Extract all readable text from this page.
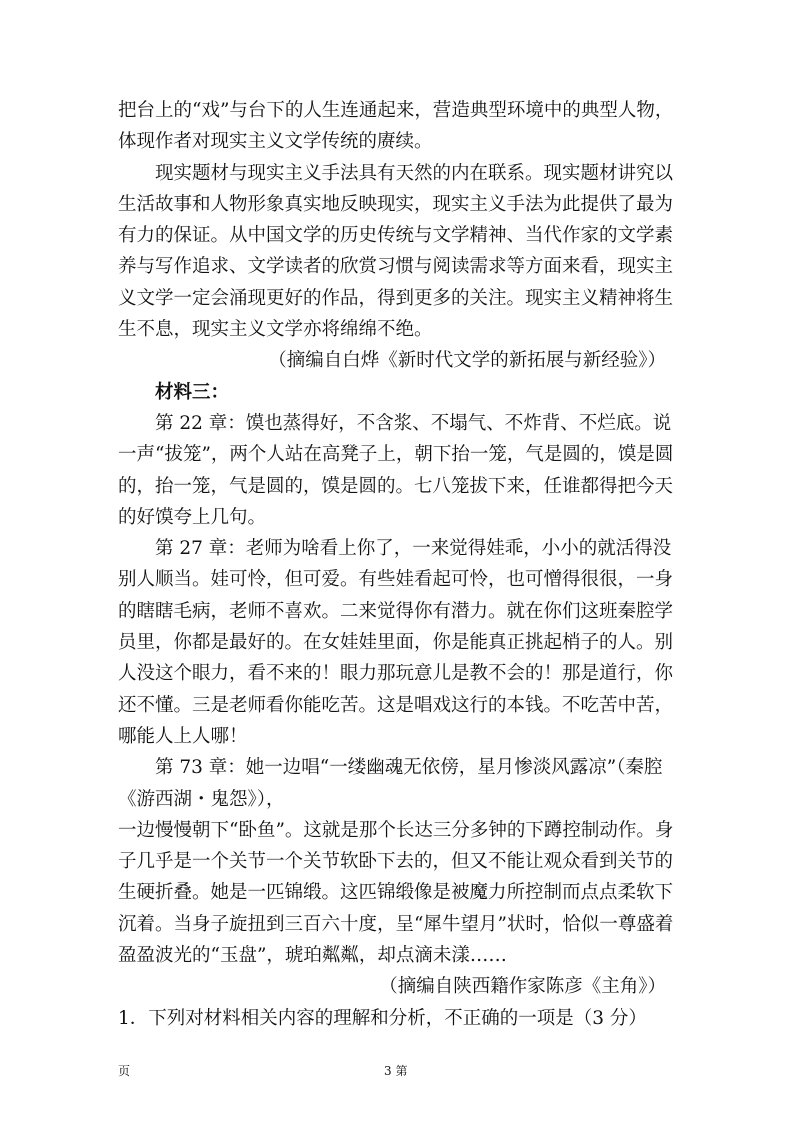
把台上的“戏”与台下的人生连通起来，营造典型环境中的典型人物，体现作者对现实主义文学传统的赓续。

现实题材与现实主义手法具有天然的内在联系。现实题材讲究以生活故事和人物形象真实地反映现实，现实主义手法为此提供了最为有力的保证。从中国文学的历史传统与文学精神、当代作家的文学素养与写作追求、文学读者的欣赏习惯与阅读需求等方面来看，现实主义文学一定会涌现更好的作品，得到更多的关注。现实主义精神将生生不息，现实主义文学亦将绵绵不绝。

（摘编自白烨《新时代文学的新拓展与新经验》）

材料三：

第 22 章：馍也蒸得好，不含浆、不塌气、不炸背、不烂底。说一声“拔笼”，两个人站在高凳子上，朝下抬一笼，气是圆的，馍是圆的，抬一笼，气是圆的，馍是圆的。七八笼拔下来，任谁都得把今天的好馍夸上几句。

第 27 章：老师为啥看上你了，一来觉得娃乖，小小的就活得没别人顺当。娃可怜，但可爱。有些娃看起可怜，也可憎得很很，一身的瞎瞎毛病，老师不喜欢。二来觉得你有潜力。就在你们这班秦腔学员里，你都是最好的。在女娃娃里面，你是能真正挑起梢子的人。别人没这个眼力，看不来的！眼力那玩意儿是教不会的！那是道行，你还不懂。三是老师看你能吃苦。这是唱戏这行的本钱。不吃苦中苦，哪能人上人哪！

第 73 章：她一边唱“一缕幽魂无依傍，星月惨淡风露凉”（秦腔《游西湖・鬼怨》），

一边慢慢朝下“卧鱼”。这就是那个长达三分多钟的下蹲控制动作。身子几乎是一个关节一个关节软卧下去的，但又不能让观众看到关节的生硬折叠。她是一匹锦缎。这匹锦缎像是被魔力所控制而点点柔软下沉着。当身子旋扭到三百六十度，呈“犀牛望月”状时，恰似一尊盛着盈盈波光的“玉盘”，琥珀粼粼，却点滴未漾……

（摘编自陕西籍作家陈彦《主角》）

1．下列对材料相关内容的理解和分析，不正确的一项是（3 分）

页	3 第
